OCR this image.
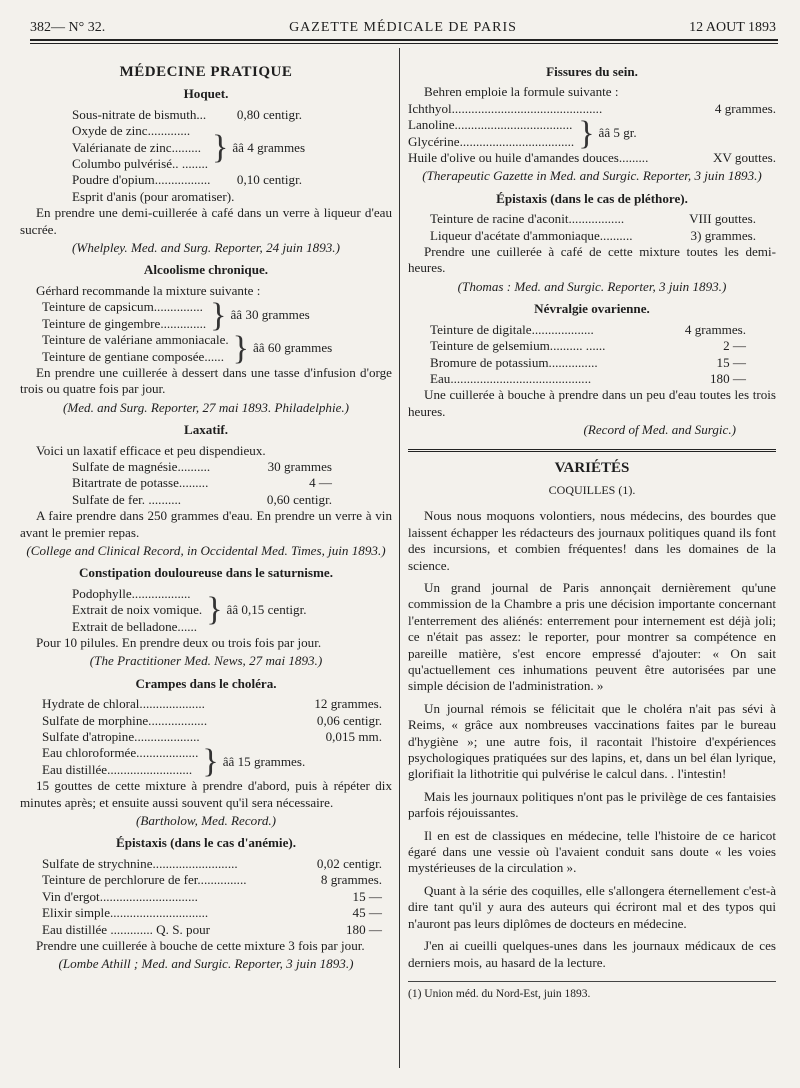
382— N° 32.	GAZETTE MÉDICALE DE PARIS	12 AOUT 1893
MÉDECINE PRATIQUE
Hoquet.
Sous-nitrate de bismuth... 0,80 centigr.
Oxyde de zinc.............
Valérianate de zinc.........
Columbo pulvérisé.. ........ } ââ 4 grammes
Poudre d'opium................. 0,10 centigr.
Esprit d'anis (pour aromatiser).

En prendre une demi-cuillerée à café dans un verre à liqueur d'eau sucrée.

(Whelpley. Med. and Surg. Reporter, 24 juin 1893.)
Alcoolisme chronique.

Gérhard recommande la mixture suivante :

Teinture de capsicum...............
Teinture de gingembre.............. } ââ 30 grammes
Teinture de valériane ammoniacale.
Teinture de gentiane composée...... } ââ 60 grammes

En prendre une cuillerée à dessert dans une tasse d'infusion d'orge trois ou quatre fois par jour.

(Med. and Surg. Reporter, 27 mai 1893. Philadelphie.)
Laxatif.

Voici un laxatif efficace et peu dispendieux.

Sulfate de magnésie..........	30 grammes
Bitartrate de potasse.........	4 —
Sulfate de fer. ..........	0,60 centigr.

A faire prendre dans 250 grammes d'eau. En prendre un verre à vin avant le premier repas.

(College and Clinical Record, in Occidental Med. Times, juin 1893.)
Constipation douloureuse dans le saturnisme.
Podophylle..................
Extrait de noix vomique.
Extrait de belladone...... } ââ 0,15 centigr.

Pour 10 pilules. En prendre deux ou trois fois par jour.

(The Practitioner Med. News, 27 mai 1893.)
Crampes dans le choléra.
Hydrate de chloral....................	12 grammes.
Sulfate de morphine..................	0,06 centigr.
Sulfate d'atropine....................	0,015 mm.
Eau chloroformée...................
Eau distillée.......................... } ââ 15 grammes.

15 gouttes de cette mixture à prendre d'abord, puis à répéter dix minutes après; et ensuite aussi souvent qu'il sera nécessaire.

(Bartholow, Med. Record.)
Épistaxis (dans le cas d'anémie).
Sulfate de strychnine..........................	0,02 centigr.
Teinture de perchlorure de fer...............	8 grammes.
Vin d'ergot..............................	15 —
Elixir simple..............................	45 —
Eau distillée ............. Q. S. pour	180 —

Prendre une cuillerée à bouche de cette mixture 3 fois par jour.

(Lombe Athill ; Med. and Surgic. Reporter, 3 juin 1893.)
Fissures du sein.

Behren emploie la formule suivante :

Ichthyol..............................................	4 grammes.
Lanoline....................................
Glycérine................................... } ââ 5 gr.
Huile d'olive ou huile d'amandes douces.........	XV gouttes.
(Therapeutic Gazette in Med. and Surgic. Reporter, 3 juin 1893.)
Épistaxis (dans le cas de pléthore).
Teinture de racine d'aconit.................	VIII gouttes.
Liqueur d'acétate d'ammoniaque..........	3) grammes.

Prendre une cuillerée à café de cette mixture toutes les demi-heures.

(Thomas : Med. and Surgic. Reporter, 3 juin 1893.)
Névralgie ovarienne.
Teinture de digitale...................	4 grammes.
Teinture de gelsemium.......... ......	2 —
Bromure de potassium...............	15 —
Eau...........................................	180 —

Une cuillerée à bouche à prendre dans un peu d'eau toutes les trois heures.

(Record of Med. and Surgic.)
VARIÉTÉS
COQUILLES (1).

Nous nous moquons volontiers, nous médecins, des bourdes que laissent échapper les rédacteurs des journaux politiques quand ils font des incursions, et combien fréquentes! dans les domaines de la science.

Un grand journal de Paris annonçait dernièrement qu'une commission de la Chambre a pris une décision importante concernant l'enterrement des aliénés: enterrement pour internement est déjà joli; ce n'était pas assez: le reporter, pour montrer sa compétence en pareille matière, s'est encore empressé d'ajouter: « On sait qu'actuellement ces inhumations peuvent être autorisées par une simple décision de l'administration. »

Un journal rémois se félicitait que le choléra n'ait pas sévi à Reims, « grâce aux nombreuses vaccinations faites par le bureau d'hygiène »; une autre fois, il racontait l'histoire d'expériences psychologiques pratiquées sur des lapins, et, dans un bel élan lyrique, glorifiait la lithotritie qui pulvérise le calcul dans. . l'intestin!

Mais les journaux politiques n'ont pas le privilège de ces fantaisies parfois réjouissantes.

Il en est de classiques en médecine, telle l'histoire de ce haricot égaré dans une vessie où l'avaient conduit sans doute « les voies mystérieuses de la circulation ».

Quant à la série des coquilles, elle s'allongera éternellement c'est-à dire tant qu'il y aura des auteurs qui écriront mal et des typos qui n'auront pas leurs diplômes de docteurs en médecine.

J'en ai cueilli quelques-unes dans les journaux médicaux de ces derniers mois, au hasard de la lecture.

(1) Union méd. du Nord-Est, juin 1893.
